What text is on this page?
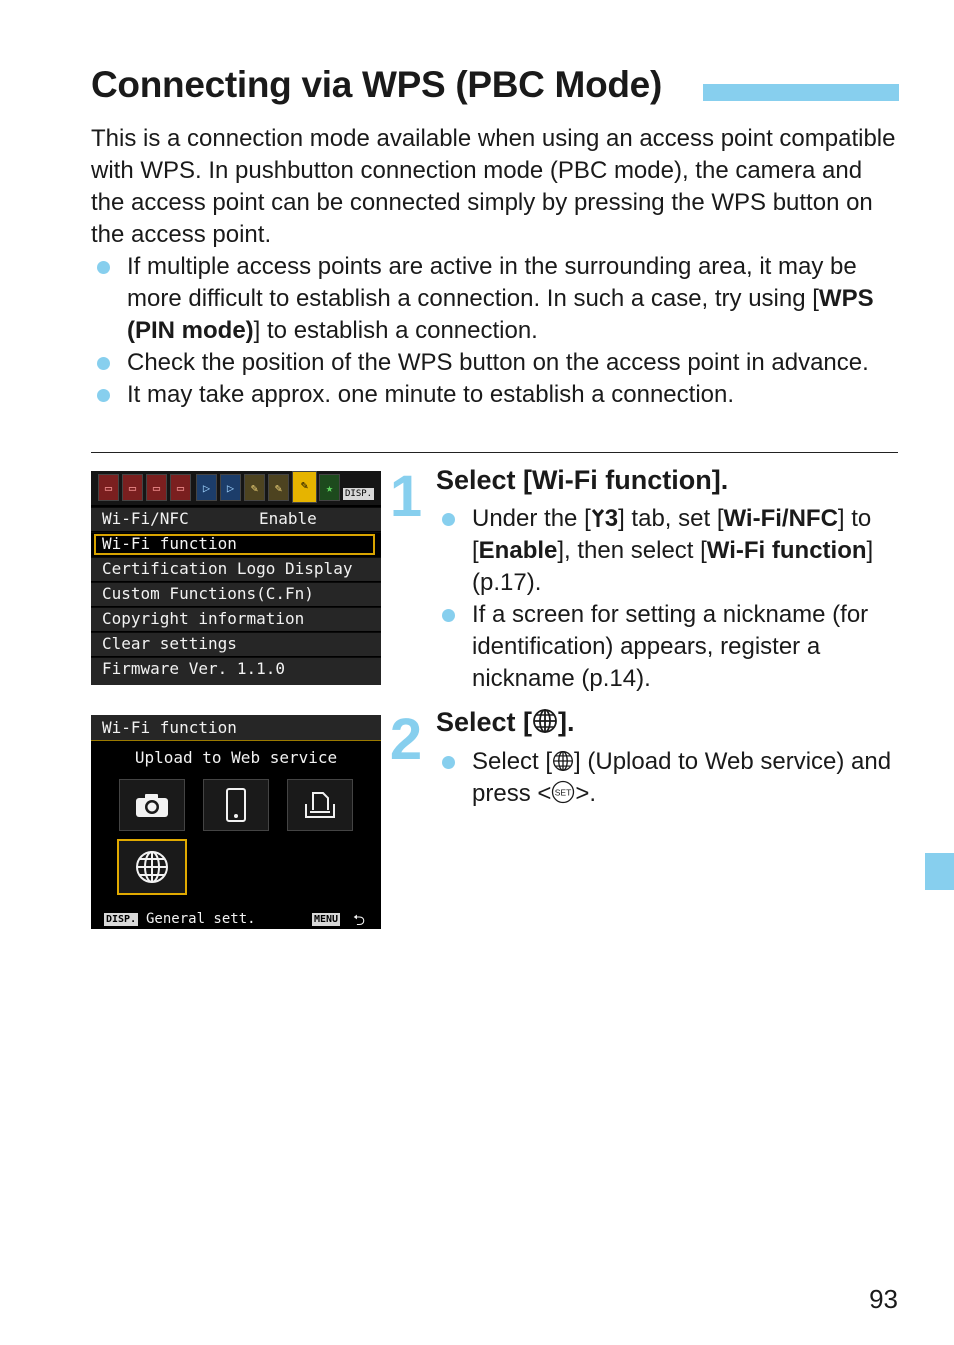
Connecting via WPS (PBC Mode)

This is a connection mode available when using an access point compatible with WPS. In pushbutton connection mode (PBC mode), the camera and the access point can be connected simply by pressing the WPS button on the access point.

If multiple access points are active in the surrounding area, it may be more difficult to establish a connection. In such a case, try using [WPS (PIN mode)] to establish a connection.
Check the position of the WPS button on the access point in advance.
It may take approx. one minute to establish a connection.
▭	▭	▭	▭	▷	▷	✎	✎	✎	★	DISP.
Wi-Fi/NFC	Enable
Wi-Fi function
Certification Logo Display
Custom Functions(C.Fn)
Copyright information
Clear settings
Firmware Ver. 1.1.0
1 Select [Wi-Fi function].
Under the [ 3] tab, set [Wi-Fi/NFC] to [Enable], then select [Wi-Fi function] (p.17).
If a screen for setting a nickname (for identification) appears, register a nickname (p.14).
Wi-Fi function
Upload to Web service
DISP. General sett.	MENU ⮌
2 Select [ ].
Select [ ] (Upload to Web service) and press < SET >.
93
